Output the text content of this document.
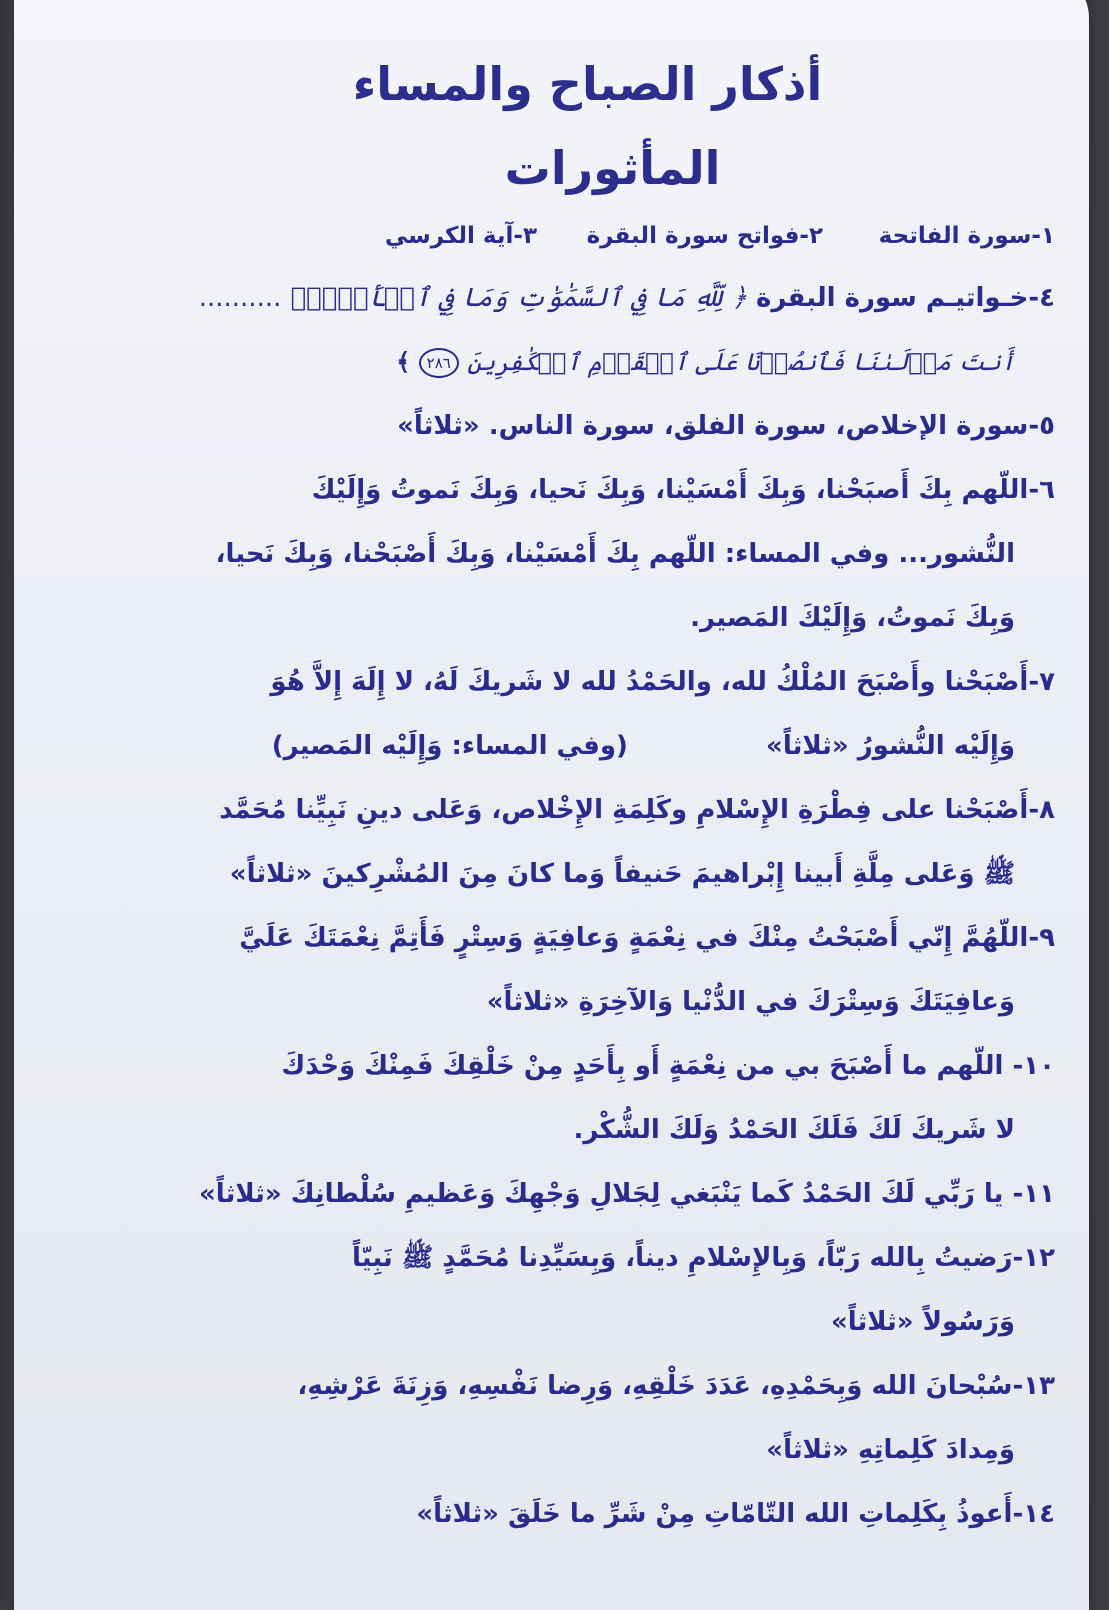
أذكار الصباح والمساء
المأثورات
١-سورة الفاتحة
٢-فواتح سورة البقرة
٣-آية الكرسي
٤-خـواتيـم سورة البقرة ﴿ لِّلَّهِ مَا فِي ٱلسَّمَٰوَٰتِ وَمَا فِي ٱلۡأَرۡضِۗ ..........
أَنتَ مَوۡلَىٰنَا فَٱنصُرۡنَا عَلَى ٱلۡقَوۡمِ ٱلۡكَٰفِرِينَ ٢٨٦ ﴾
٥-سورة الإخلاص، سورة الفلق، سورة الناس. «ثلاثاً»
٦-اللّهم بِكَ أَصبَحْنا، وَبِكَ أَمْسَيْنا، وَبِكَ نَحيا، وَبِكَ نَموتُ وَإِلَيْكَ
النُّشور... وفي المساء: اللّهم بِكَ أَمْسَيْنا، وَبِكَ أَصْبَحْنا، وَبِكَ نَحيا،
وَبِكَ نَموتُ، وَإِلَيْكَ المَصير.
٧-أَصْبَحْنا وأَصْبَحَ المُلْكُ لله، والحَمْدُ لله لا شَريكَ لَهُ، لا إِلَهَ إِلاَّ هُوَ
وَإِلَيْه النُّشورُ «ثلاثاً»  (وفي المساء: وَإِلَيْه المَصير)
٨-أَصْبَحْنا على فِطْرَةِ الإِسْلامِ وكَلِمَةِ الإِخْلاص، وَعَلى دينِ نَبِيِّنا مُحَمَّد
ﷺ وَعَلى مِلَّةِ أَبينا إِبْراهيمَ حَنيفاً وَما كانَ مِنَ المُشْرِكينَ «ثلاثاً»
٩-اللّهُمَّ إِنّي أَصْبَحْتُ مِنْكَ في نِعْمَةٍ وَعافِيَةٍ وَسِتْرٍ فَأَتِمَّ نِعْمَتَكَ عَلَيَّ
وَعافِيَتَكَ وَسِتْرَكَ في الدُّنْيا وَالآخِرَةِ «ثلاثاً»
١٠- اللّهم ما أَصْبَحَ بي من نِعْمَةٍ أَو بِأَحَدٍ مِنْ خَلْقِكَ فَمِنْكَ وَحْدَكَ
لا شَريكَ لَكَ فَلَكَ الحَمْدُ وَلَكَ الشُّكْر.
١١- يا رَبِّي لَكَ الحَمْدُ كَما يَنْبَغي لِجَلالِ وَجْهِكَ وَعَظيمِ سُلْطانِكَ «ثلاثاً»
١٢-رَضيتُ بِالله رَبّاً، وَبِالإِسْلامِ ديناً، وَبِسَيِّدِنا مُحَمَّدٍ ﷺ نَبِيّاً
وَرَسُولاً «ثلاثاً»
١٣-سُبْحانَ الله وَبِحَمْدِهِ، عَدَدَ خَلْقِهِ، وَرِضا نَفْسِهِ، وَزِنَةَ عَرْشِهِ،
وَمِدادَ كَلِماتِهِ «ثلاثاً»
١٤-أَعوذُ بِكَلِماتِ الله التّامّاتِ مِنْ شَرِّ ما خَلَقَ «ثلاثاً»
